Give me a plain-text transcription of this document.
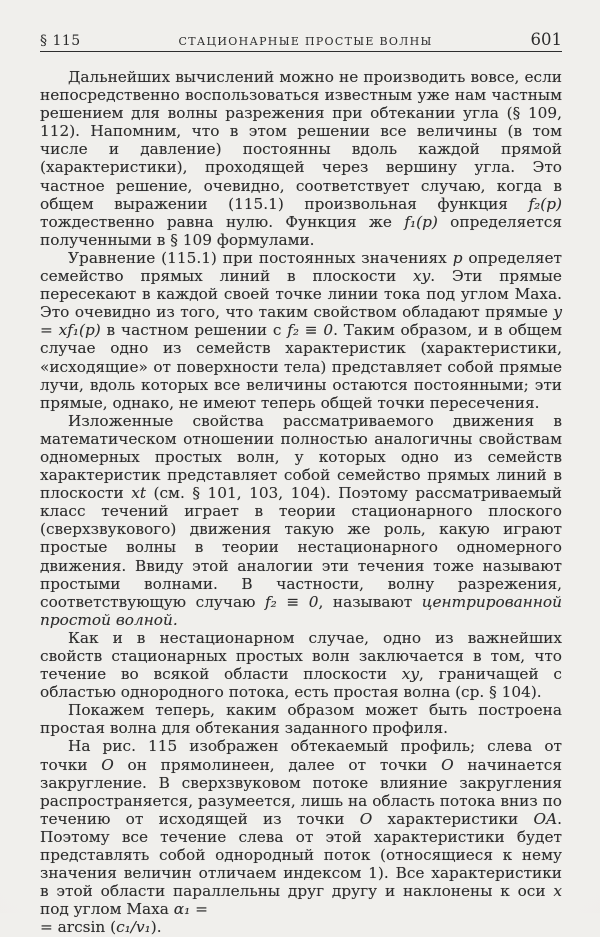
§ 115	СТАЦИОНАРНЫЕ ПРОСТЫЕ ВОЛНЫ	601

Дальнейших вычислений можно не производить вовсе, если непосредственно воспользоваться известным уже нам частным решением для волны разрежения при обтекании угла (§ 109, 112). Напомним, что в этом решении все величины (в том числе и давление) постоянны вдоль каждой прямой (характеристики), проходящей через вершину угла. Это частное решение, очевидно, соответствует случаю, когда в общем выражении (115.1) произвольная функция f₂(p) тождественно равна нулю. Функция же f₁(p) определяется полученными в § 109 формулами.

Уравнение (115.1) при постоянных значениях p определяет семейство прямых линий в плоскости xy. Эти прямые пересекают в каждой своей точке линии тока под углом Маха. Это очевидно из того, что таким свойством обладают прямые y = xf₁(p) в частном решении с f₂ ≡ 0. Таким образом, и в общем случае одно из семейств характеристик (характеристики, «исходящие» от поверхности тела) представляет собой прямые лучи, вдоль которых все величины остаются постоянными; эти прямые, однако, не имеют теперь общей точки пересечения.

Изложенные свойства рассматриваемого движения в математическом отношении полностью аналогичны свойствам одномерных простых волн, у которых одно из семейств характеристик представляет собой семейство прямых линий в плоскости xt (см. § 101, 103, 104). Поэтому рассматриваемый класс течений играет в теории стационарного плоского (сверхзвукового) движения такую же роль, какую играют простые волны в теории нестационарного одномерного движения. Ввиду этой аналогии эти течения тоже называют простыми волнами. В частности, волну разрежения, соответствующую случаю f₂ ≡ 0, называют центрированной простой волной.

Как и в нестационарном случае, одно из важнейших свойств стационарных простых волн заключается в том, что течение во всякой области плоскости xy, граничащей с областью однородного потока, есть простая волна (ср. § 104).

Покажем теперь, каким образом может быть построена простая волна для обтекания заданного профиля.

На рис. 115 изображен обтекаемый профиль; слева от точки O он прямолинеен, далее от точки O начинается закругление. В сверхзвуковом потоке влияние закругления распространяется, разумеется, лишь на область потока вниз по течению от исходящей из точки O характеристики OA. Поэтому все течение слева от этой характеристики будет представлять собой однородный поток (относящиеся к нему значения величин отличаем индексом 1). Все характеристики в этой области параллельны друг другу и наклонены к оси x под углом Маха α₁ =
= arcsin (c₁/v₁).
